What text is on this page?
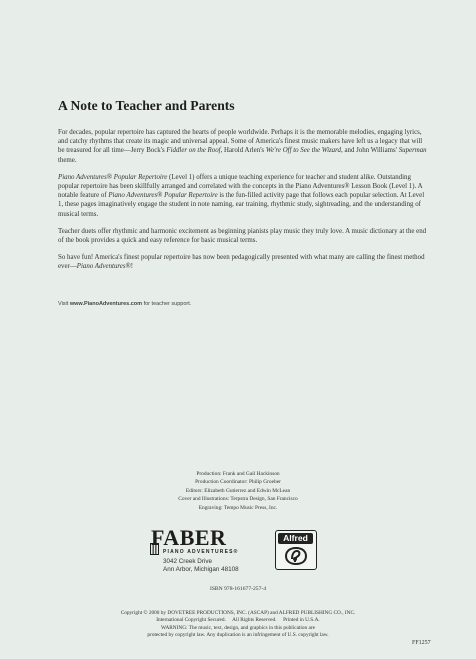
A Note to Teacher and Parents

For decades, popular repertoire has captured the hearts of people worldwide. Perhaps it is the memorable melodies, engaging lyrics, and catchy rhythms that create its magic and universal appeal. Some of America's finest music makers have left us a legacy that will be treasured for all time—Jerry Bock's Fiddler on the Roof, Harold Arlen's We're Off to See the Wizard, and John Williams' Superman theme.

Piano Adventures® Popular Repertoire (Level 1) offers a unique teaching experience for teacher and student alike. Outstanding popular repertoire has been skillfully arranged and correlated with the concepts in the Piano Adventures® Lesson Book (Level 1). A notable feature of Piano Adventures® Popular Repertoire is the fun-filled activity page that follows each popular selection. At Level 1, these pages imaginatively engage the student in note naming, ear training, rhythmic study, sightreading, and the understanding of musical terms.

Teacher duets offer rhythmic and harmonic excitement as beginning pianists play music they truly love. A music dictionary at the end of the book provides a quick and easy reference for basic musical terms.

So have fun! America's finest popular repertoire has now been pedagogically presented with what many are calling the finest method ever—Piano Adventures®!

Visit www.PianoAdventures.com for teacher support.
Production: Frank and Gail Hackinson
Production Coordinator: Philip Groeber
Editors: Elizabeth Gutierrez and Edwin McLean
Cover and Illustrations: Terpstra Design, San Francisco
Engraving: Tempo Music Press, Inc.
FABER
PIANO ADVENTURES®
3042 Creek Drive
Ann Arbor, Michigan 48108
Alfred
ISBN 978-161677-257-4
Copyright © 2000 by DOVETREE PRODUCTIONS, INC. (ASCAP) and ALFRED PUBLISHING CO., INC.
International Copyright Secured.     All Rights Reserved.     Printed in U.S.A.
WARNING: The music, text, design, and graphics in this publication are
protected by copyright law. Any duplication is an infringement of U.S. copyright law.
FF1257
